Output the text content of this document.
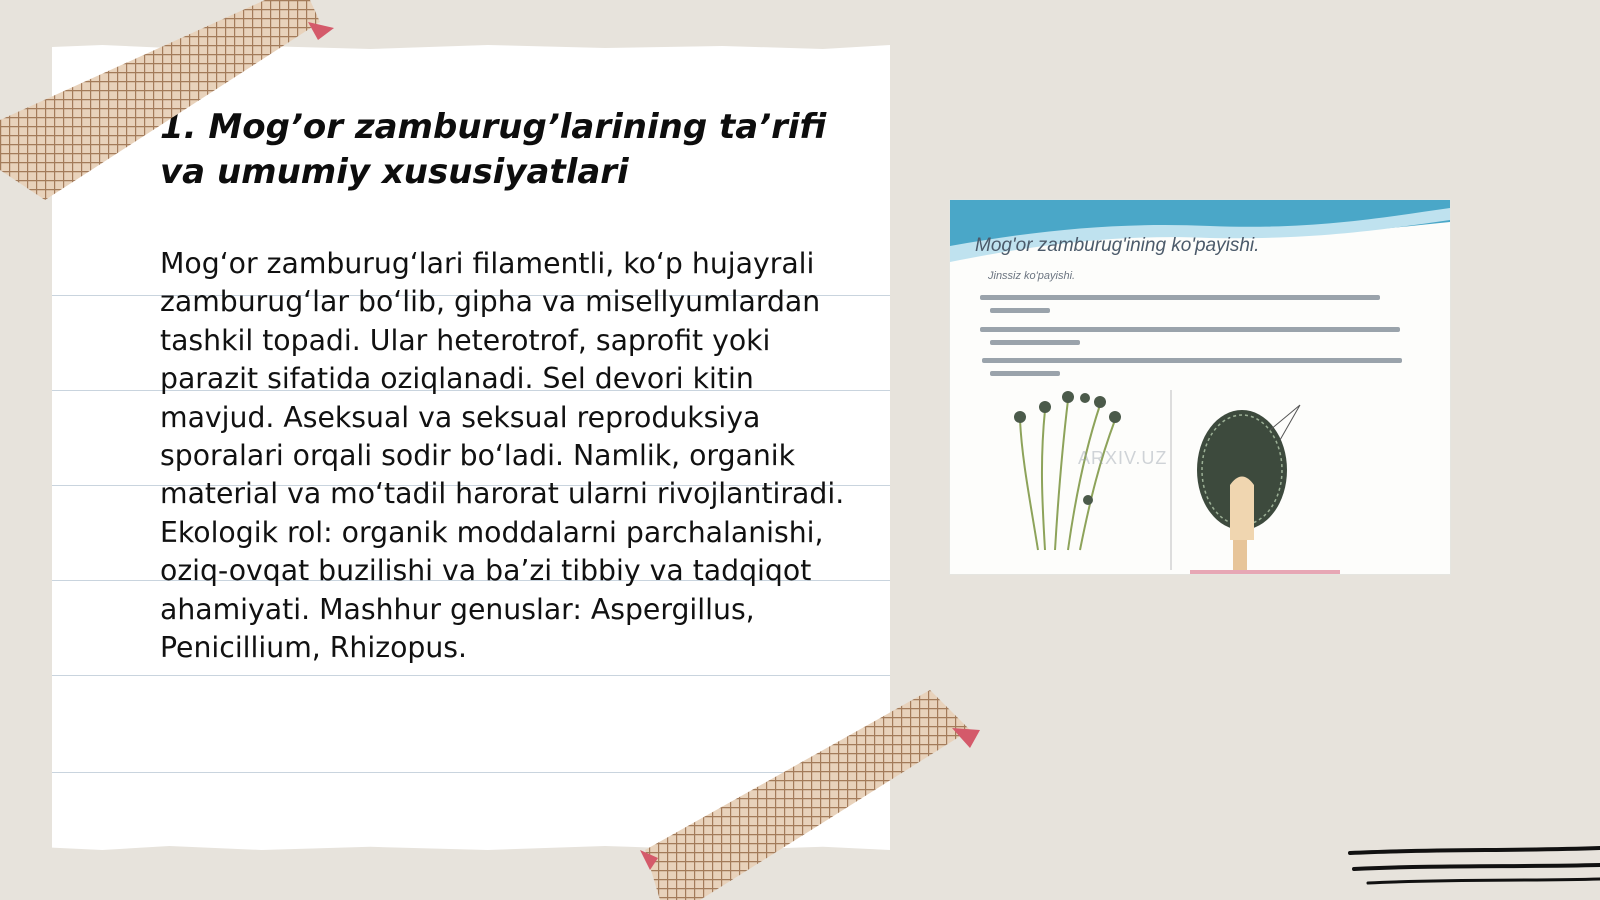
1. Mog’or zamburug’larining ta’rifi va umumiy xususiyatlari

Mog‘or zamburug‘lari filamentli, ko‘p hujayrali zamburug‘lar bo‘lib, gipha va misellyumlardan tashkil topadi. Ular heterotrof, saprofit yoki parazit sifatida oziqlanadi. Sel devori kitin mavjud. Aseksual va seksual reproduksiya sporalari orqali sodir bo‘ladi. Namlik, organik material va mo‘tadil harorat ularni rivojlantiradi. Ekologik rol: organik moddalarni parchalanishi, oziq-ovqat buzilishi va ba’zi tibbiy va tadqiqot ahamiyati. Mashhur genuslar: Aspergillus, Penicillium, Rhizopus.

Mog'or zamburug'ining ko'payishi.
Jinssiz ko'payishi.
ARXIV.UZ
